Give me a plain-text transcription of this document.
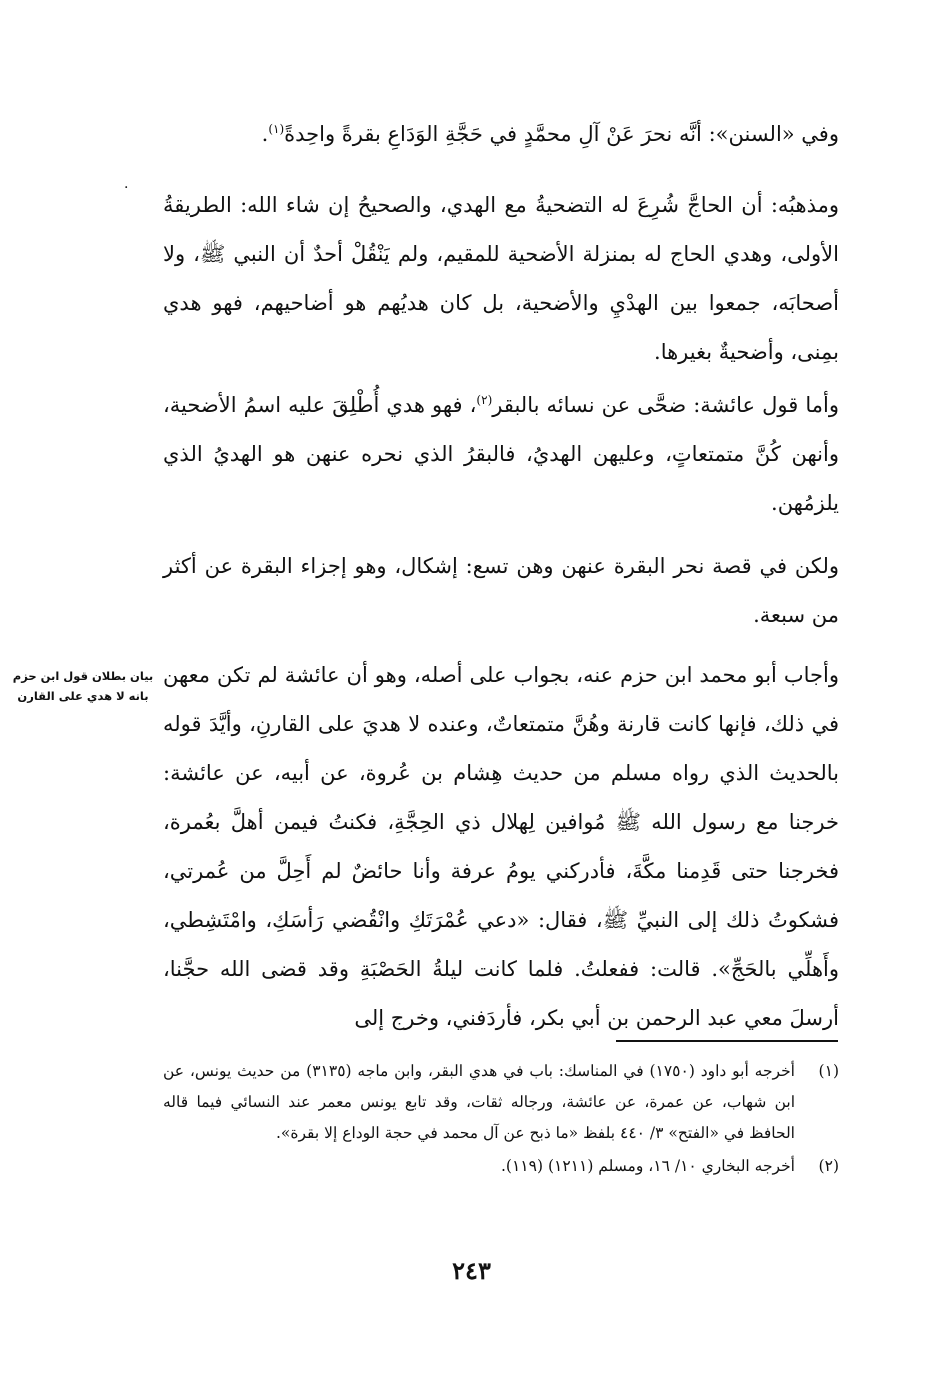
وفي «السنن»: أنَّه نحرَ عَنْ آلِ محمَّدٍ في حَجَّةِ الوَدَاعِ بقرةً واحِدةً$^{(١)}$.

·

ومذهبُه: أن الحاجَّ شُرِعَ له التضحيةُ مع الهدي، والصحيحُ إن شاء الله: الطريقةُ الأولى، وهدي الحاج له بمنزلة الأضحية للمقيم، ولم يَنْقُلْ أحدٌ أن النبي ﷺ، ولا أصحابَه، جمعوا بين الهدْيِ والأضحية، بل كان هديُهم هو أضاحيهم، فهو هدي بمِنى، وأضحيةٌ بغيرها.

وأما قول عائشة: ضحَّى عن نسائه بالبقر$^{(٢)}$، فهو هدي أُطْلِقَ عليه اسمُ الأضحية، وأنهن كُنَّ متمتعاتٍ، وعليهن الهديُ، فالبقرُ الذي نحره عنهن هو الهديُ الذي يلزمُهن.

ولكن في قصة نحر البقرة عنهن وهن تسع: إشكال، وهو إجزاء البقرة عن أكثر من سبعة.

وأجاب أبو محمد ابن حزم عنه، بجواب على أصله، وهو أن عائشة لم تكن معهن في ذلك، فإنها كانت قارنة وهُنَّ متمتعاتٌ، وعنده لا هديَ على القارنِ، وأيَّدَ قوله بالحديث الذي رواه مسلم من حديث هِشام بن عُروة، عن أبيه، عن عائشة: خرجنا مع رسول الله ﷺ مُوافين لِهلال ذي الحِجَّةِ، فكنتُ فيمن أهلَّ بعُمرة، فخرجنا حتى قَدِمنا مكَّةَ، فأدركني يومُ عرفة وأنا حائضٌ لم أَحِلَّ من عُمرتي، فشكوتُ ذلك إلى النبيِّ ﷺ، فقال: «دعي عُمْرَتَكِ وانْقُضي رَأسَكِ، وامْتَشِطي، وأَهلِّي بالحَجِّ». قالت: ففعلتُ. فلما كانت ليلةُ الحَصْبَةِ وقد قضى الله حجَّنا، أرسلَ معي عبد الرحمن بن أبي بكر، فأردَفني، وخرج إلى

بيان بطلان قول ابن حزم
بانه لا هدي على القارن
(١)
أخرجه أبو داود (١٧٥٠) في المناسك: باب في هدي البقر، وابن ماجه (٣١٣٥) من حديث يونس، عن ابن شهاب، عن عمرة، عن عائشة، ورجاله ثقات، وقد تابع يونس معمر عند النسائي فيما قاله الحافظ في «الفتح» ٣/ ٤٤٠ بلفظ «ما ذبح عن آل محمد في حجة الوداع إلا بقرة».
(٢)
أخرجه البخاري ١٠/ ١٦، ومسلم (١٢١١) (١١٩).
٢٤٣
